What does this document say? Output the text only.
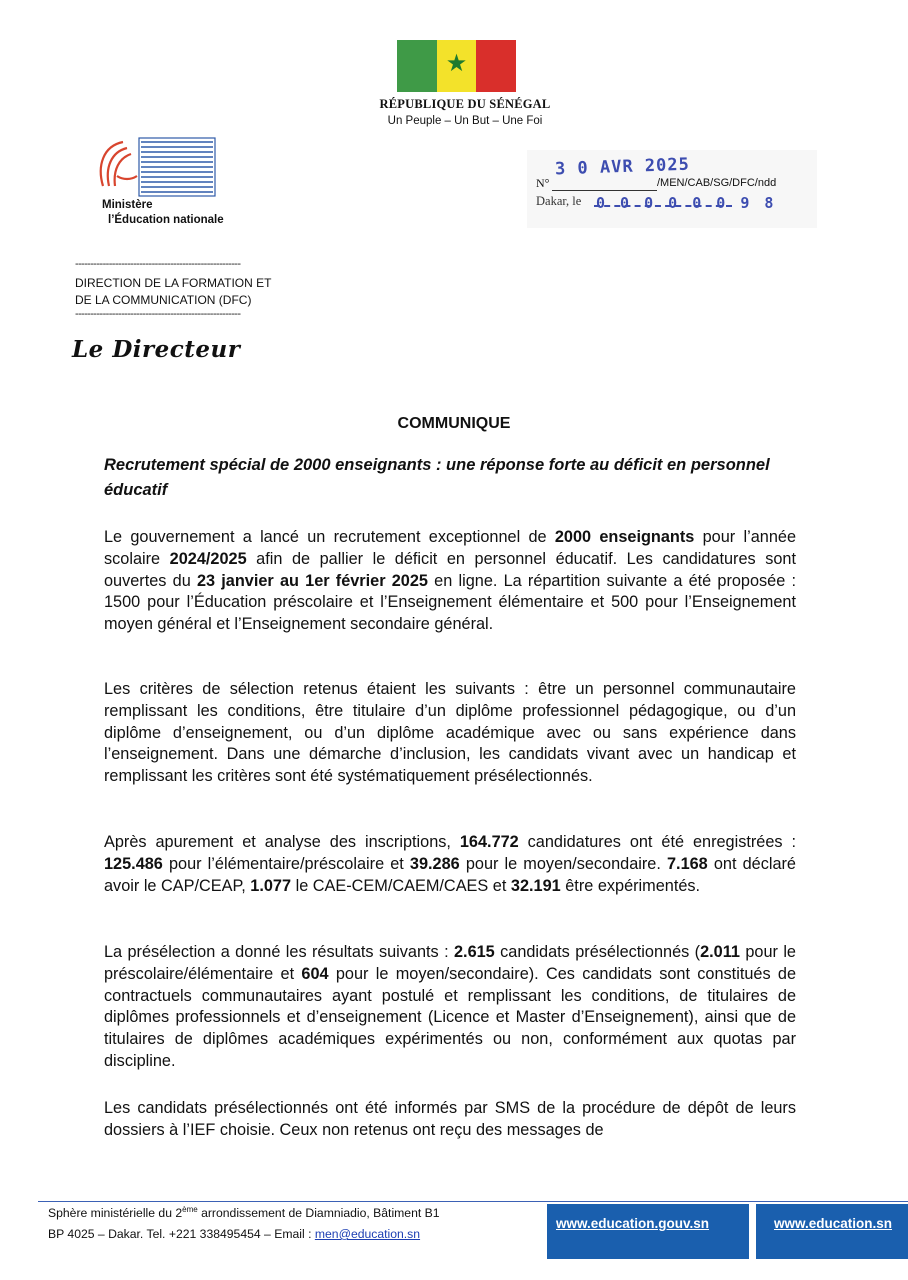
★
RÉPUBLIQUE DU SÉNÉGAL
Un Peuple – Un But – Une Foi
Ministère
l’Éducation nationale
N°
3 0 AVR 2025
/MEN/CAB/SG/DFC/ndd
Dakar, le 0 0 0 0 0 0 9 8
------------------------------------------------------
DIRECTION DE LA FORMATION ET
DE LA COMMUNICATION (DFC)
------------------------------------------------------
Le Directeur
COMMUNIQUE
Recrutement spécial de 2000 enseignants : une réponse forte au déficit en personnel éducatif
Le gouvernement a lancé un recrutement exceptionnel de 2000 enseignants pour l’année scolaire 2024/2025 afin de pallier le déficit en personnel éducatif. Les candidatures sont ouvertes du 23 janvier au 1er février 2025 en ligne. La répartition suivante a été proposée : 1500 pour l’Éducation préscolaire et l’Enseignement élémentaire et 500 pour l’Enseignement moyen général et l’Enseignement secondaire général.
Les critères de sélection retenus étaient les suivants : être un personnel communautaire remplissant les conditions, être titulaire d’un diplôme professionnel pédagogique, ou d’un diplôme d’enseignement, ou d’un diplôme académique avec ou sans expérience dans l’enseignement. Dans une démarche d’inclusion, les candidats vivant avec un handicap et remplissant les critères sont été systématiquement présélectionnés.
Après apurement et analyse des inscriptions, 164.772 candidatures ont été enregistrées : 125.486 pour l’élémentaire/préscolaire et 39.286 pour le moyen/secondaire. 7.168 ont déclaré avoir le CAP/CEAP, 1.077 le CAE-CEM/CAEM/CAES et 32.191 être expérimentés.
La présélection a donné les résultats suivants : 2.615 candidats présélectionnés (2.011 pour le préscolaire/élémentaire et 604 pour le moyen/secondaire). Ces candidats sont constitués de contractuels communautaires ayant postulé et remplissant les conditions, de titulaires de diplômes professionnels et d’enseignement (Licence et Master d’Enseignement), ainsi que de titulaires de diplômes académiques expérimentés ou non, conformément aux quotas par discipline.
Les candidats présélectionnés ont été informés par SMS de la procédure de dépôt de leurs dossiers à l’IEF choisie. Ceux non retenus ont reçu des messages de
Sphère ministérielle du 2ème arrondissement de Diamniadio, Bâtiment B1
BP 4025 – Dakar. Tel. +221 338495454 – Email : men@education.sn
www.education.gouv.sn	www.education.sn
